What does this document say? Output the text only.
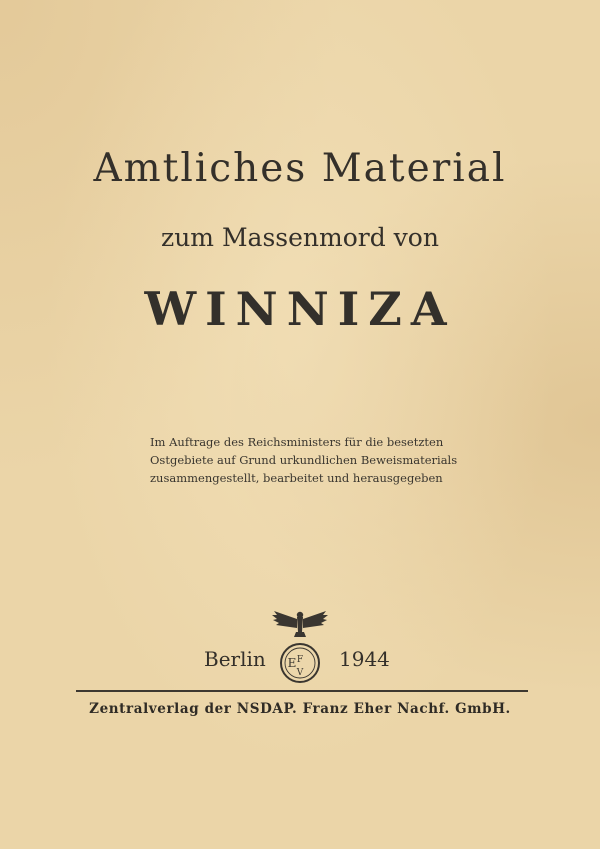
Amtliches Material
zum Massenmord von
WINNIZA
Im Auftrage des Reichsministers für die besetzten
Ostgebiete auf Grund urkundlichen Beweismaterials
zusammengestellt, bearbeitet und herausgegeben
Berlin	F
E
V
1944
Zentralverlag der NSDAP. Franz Eher Nachf. GmbH.
